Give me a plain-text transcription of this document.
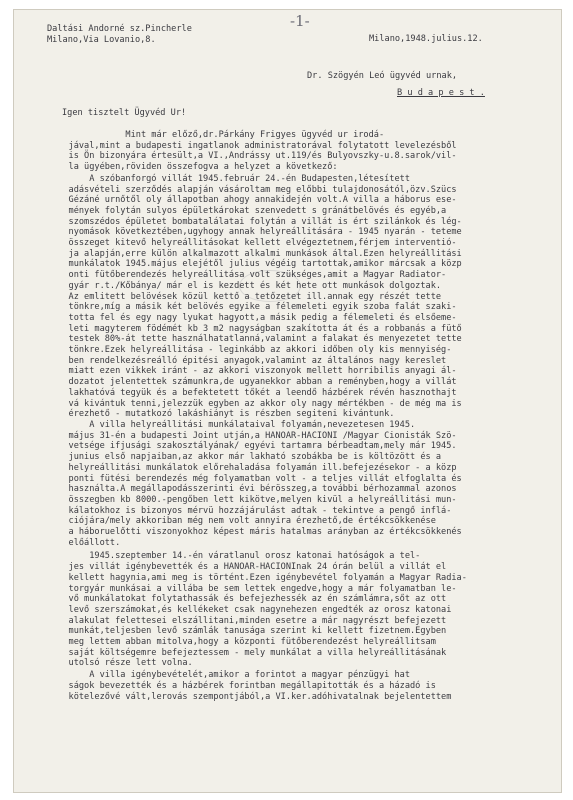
Daltási Andorné sz.Pincherle
Milano,Via Lovanio,8.
-1-
Milano,1948.julius.12.
Dr. Szögyén Leó ügyvéd urnak,
B u d a p e s t .
Igen tisztelt Ügyvéd Ur!
Mint már előző,dr.Párkány Frigyes ügyvéd ur irodá-
jával,mint a budapesti ingatlanok administratorával folytatott levelezésből
is Ön bizonyára értesült,a VI.,Andrássy ut.119/és Bulyovszky-u.8.sarok/vil-
la ügyében,röviden összefogva a helyzet a következő:
A szóbanforgó villát 1945.február 24.-én Budapesten,létesített
adásvételi szerződés alapján vásároltam meg előbbi tulajdonosától,özv.Szücs
Gézáné urnőtől oly állapotban ahogy annakidején volt.A villa a háborus ese-
mények folytán sulyos épületkárokat szenvedett s gránátbelövés és egyéb,a
szomszédos épületet bombatalálatai folytán a villát is ért szilánkok és lég-
nyomások következtében,ugyhogy annak helyreállitására - 1945 nyarán - teteme
összeget kitevő helyreállitásokat kellett elvégeztetnem,férjem interventió-
ja alapján,erre külön alkalmazott alkalmi munkások által.Ezen helyreállitási
munkálatok 1945.május elejétől julius végéig tartottak,amikor márcsak a közp
onti fütőberendezés helyreállitása volt szükséges,amit a Magyar Radiator-
gyár r.t./Kőbánya/ már el is kezdett és két hete ott munkások dolgoztak.
Az emlitett belövések közül kettő a tetőzetet ill.annak egy részét tette
tönkre,míg a másik két belövés egyike a félemeleti egyik szoba falát szaki-
totta fel és egy nagy lyukat hagyott,a másik pedig a félemeleti és elsőeme-
leti magyterem födémét kb 3 m2 nagyságban szakította át és a robbanás a fütő
testek 80%-át tette használhatatlanná,valamint a falakat és menyezetet tette
tönkre.Ezek helyreállitása - leginkább az akkori időben oly kis mennyiség-
ben rendelkezésreálló épitési anyagok,valamint az általános nagy kereslet
miatt ezen vikkek iránt - az akkori viszonyok mellett horribilis anyagi ál-
dozatot jelentettek számunkra,de ugyanekkor abban a reményben,hogy a villát
lakhatóvá tegyük és a befektetett tőkét a leendő házbérek révén hasznothajt
vá kivántuk tenni,jelezzük egyben az akkor oly nagy mértékben - de még ma is
érezhető - mutatkozó lakáshiányt is részben segiteni kivántunk.
A villa helyreállitási munkálataival folyamán,nevezetesen 1945.
május 31-én a budapesti Joint utján,a HANOAR-HACIONI /Magyar Cionisták Szö-
vetsége ifjusági szakosztályának/ egyévi tartamra bérbeadtam,mely már 1945.
junius első napjaiban,az akkor már lakható szobákba be is költözött és a
helyreállitási munkálatok előrehaladása folyamán ill.befejezésekor - a közp
ponti fütési berendezés még folyamatban volt - a teljes villát elfoglalta és
használta.A megállapodásszerinti évi bérösszeg,a további bérhozammal azonos
összegben kb 8000.-pengőben lett kikötve,melyen kivül a helyreállitási mun-
kálatokhoz is bizonyos mérvü hozzájárulást adtak - tekintve a pengő inflá-
ciójára/mely akkoriban még nem volt annyira érezhető,de értékcsökkenése
a háboruelőtti viszonyokhoz képest máris hatalmas arányban az értékcsökkenés
előállott.
1945.szeptember 14.-én váratlanul orosz katonai hatóságok a tel-
jes villát igénybevették és a HANOAR-HACIONInak 24 órán belül a villát el
kellett hagynia,ami meg is történt.Ezen igénybevétel folyamán a Magyar Radia-
torgyár munkásai a villába be sem lettek engedve,hogy a már folyamatban le-
vő munkálatokat folytathassák és befejezhessék az én számlámra,sőt az ott
levő szerszámokat,és kellékeket csak nagynehezen engedték az orosz katonai
alakulat felettesei elszállitani,minden esetre a már nagyrészt befejezett
munkát,teljesben levő számlák tanusága szerint ki kellett fizetnem.Egyben
meg lettem abban mitolva,hogy a központi fütőberendezést helyreállitsam
saját költségemre befejeztessem - mely munkálat a villa helyreállitásának
utolsó része lett volna.
A villa igénybevételét,amikor a forintot a magyar pénzügyi hat
ságok bevezették és a házbérek forintban megállapitották és a házadó is
kötelezővé vált,lerovás szempontjából,a VI.ker.adóhivatalnak bejelentettem
